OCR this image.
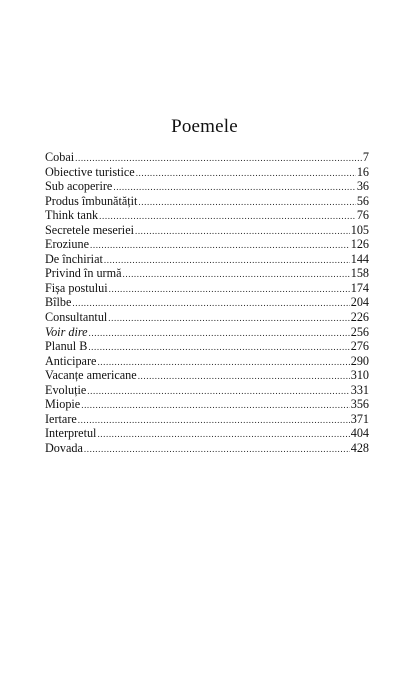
Poemele
Cobai .....	7
Obiective turistice .....	16
Sub acoperire .....	36
Produs îmbunătățit .....	56
Think tank .....	76
Secretele meseriei .....	105
Eroziune .....	126
De închiriat .....	144
Privind în urmă .....	158
Fișa postului .....	174
Bîlbe .....	204
Consultantul .....	226
Voir dire .....	256
Planul B .....	276
Anticipare .....	290
Vacanțe americane .....	310
Evoluție .....	331
Miopie .....	356
Iertare .....	371
Interpretul .....	404
Dovada .....	428
